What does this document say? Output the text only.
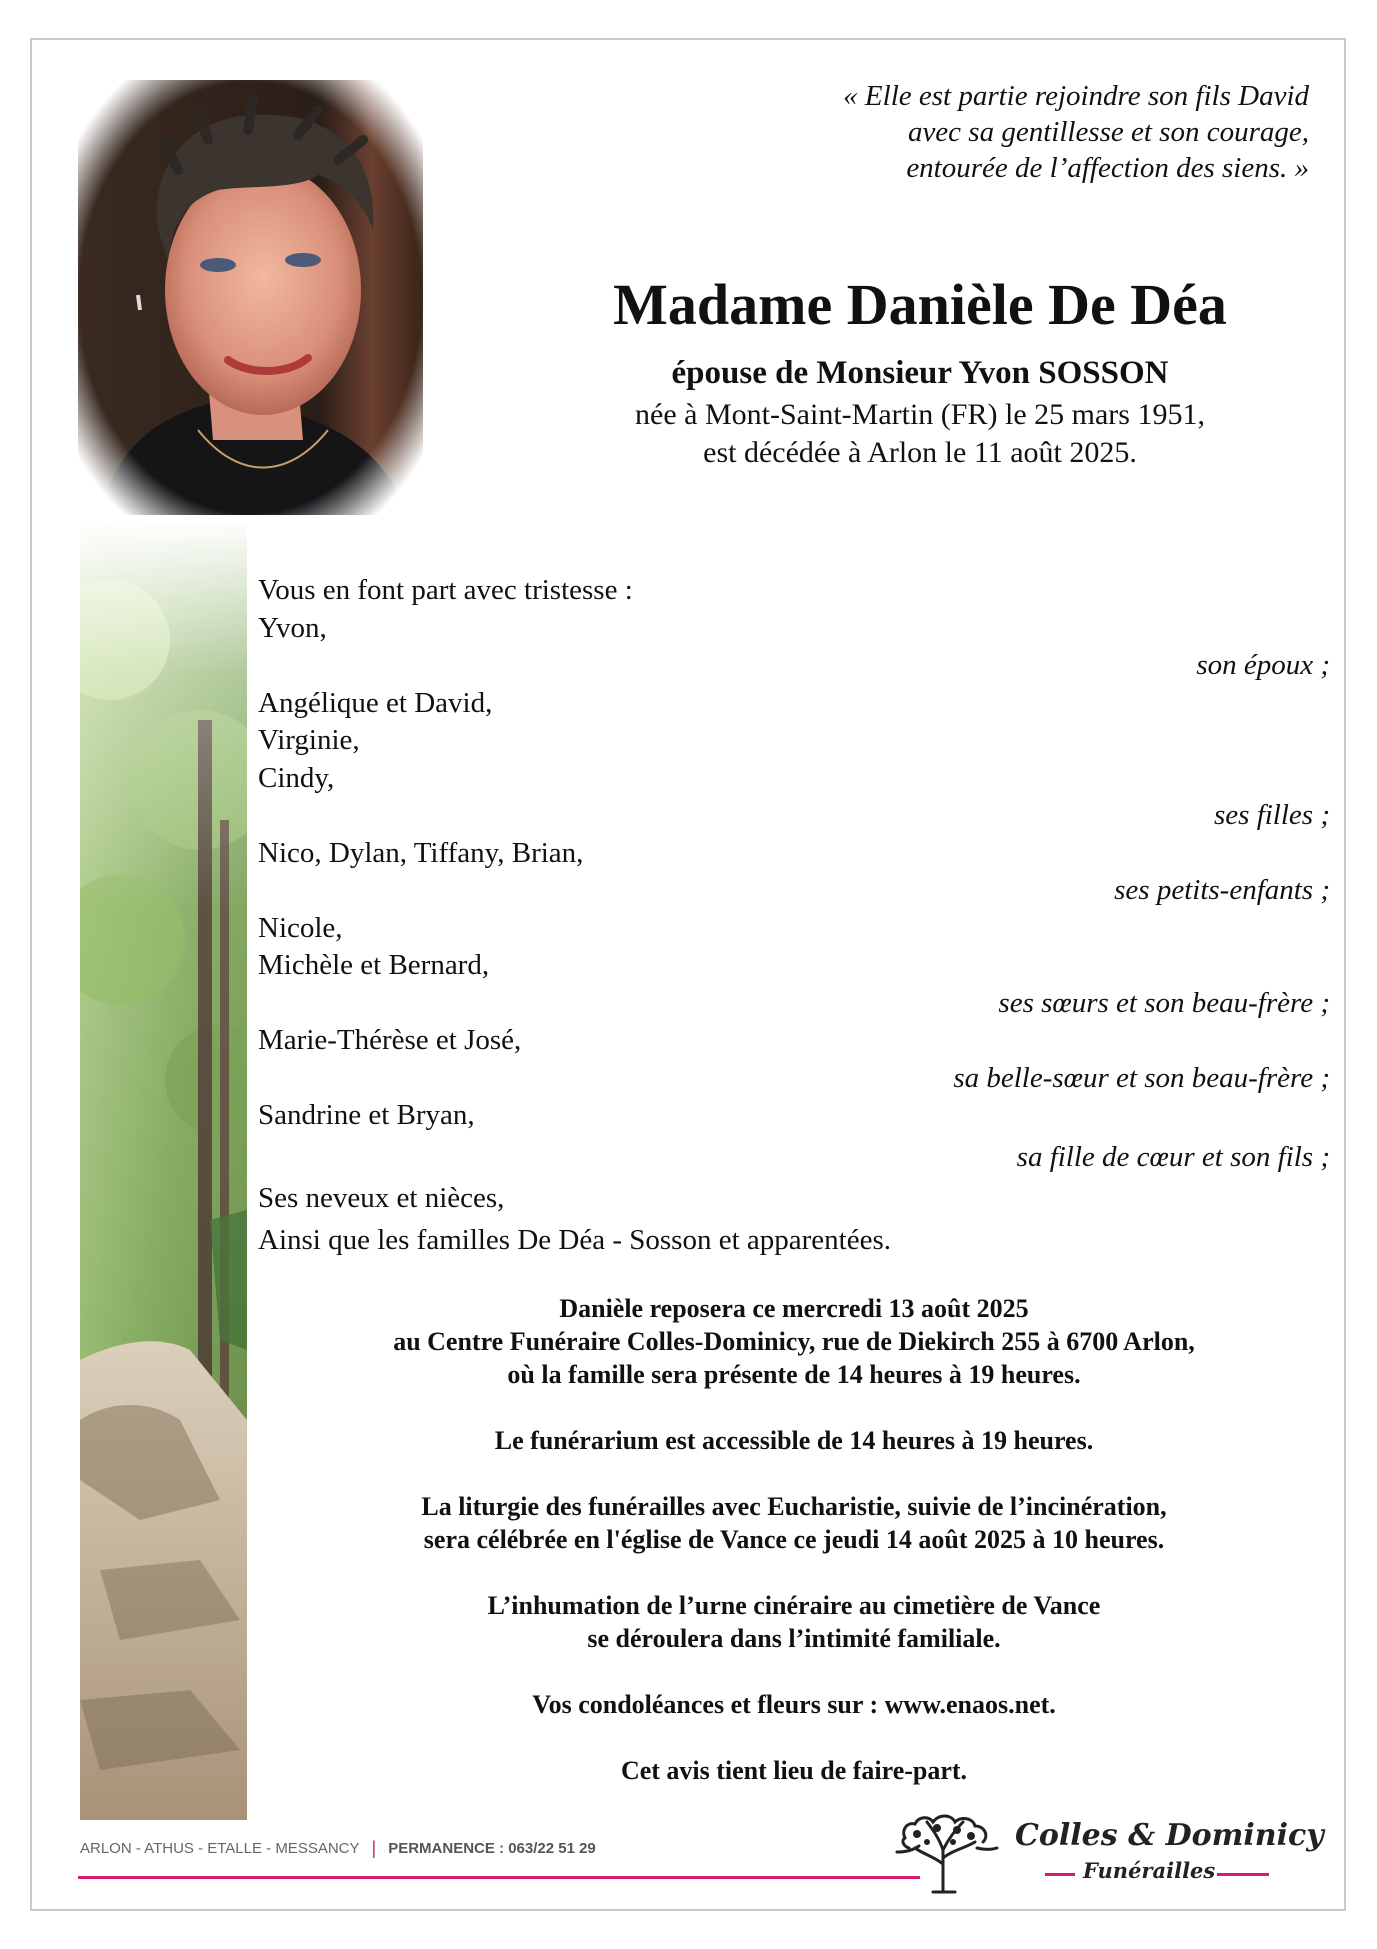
« Elle est partie rejoindre son fils David
avec sa gentillesse et son courage,
entourée de l’affection des siens. »
Madame Danièle De Déa
épouse de Monsieur Yvon SOSSON
née à Mont-Saint-Martin (FR) le 25 mars 1951,
est décédée à Arlon le 11 août 2025.
Vous en font part avec tristesse :
Yvon,
son époux ;
Angélique et David,
Virginie,
Cindy,
ses filles ;
Nico, Dylan, Tiffany, Brian,
ses petits-enfants ;
Nicole,
Michèle et Bernard,
ses sœurs et son beau-frère ;
Marie-Thérèse et José,
sa belle-sœur et son beau-frère ;
Sandrine et Bryan,
sa fille de cœur et son fils ;
Ses neveux et nièces,
Ainsi que les familles De Déa - Sosson et apparentées.
Danièle reposera ce mercredi 13 août 2025
au Centre Funéraire Colles-Dominicy, rue de Diekirch 255 à 6700 Arlon,
où la famille sera présente de 14 heures à 19 heures.
Le funérarium est accessible de 14 heures à 19 heures.
La liturgie des funérailles avec Eucharistie, suivie de l’incinération,
sera célébrée en l'église de Vance ce jeudi 14 août 2025 à 10 heures.
L’inhumation de l’urne cinéraire au cimetière de Vance
se déroulera dans l’intimité familiale.
Vos condoléances et fleurs sur : www.enaos.net.
Cet avis tient lieu de faire-part.
ARLON - ATHUS - ETALLE - MESSANCY | PERMANENCE : 063/22 51 29	Colles & Dominicy
Funérailles
